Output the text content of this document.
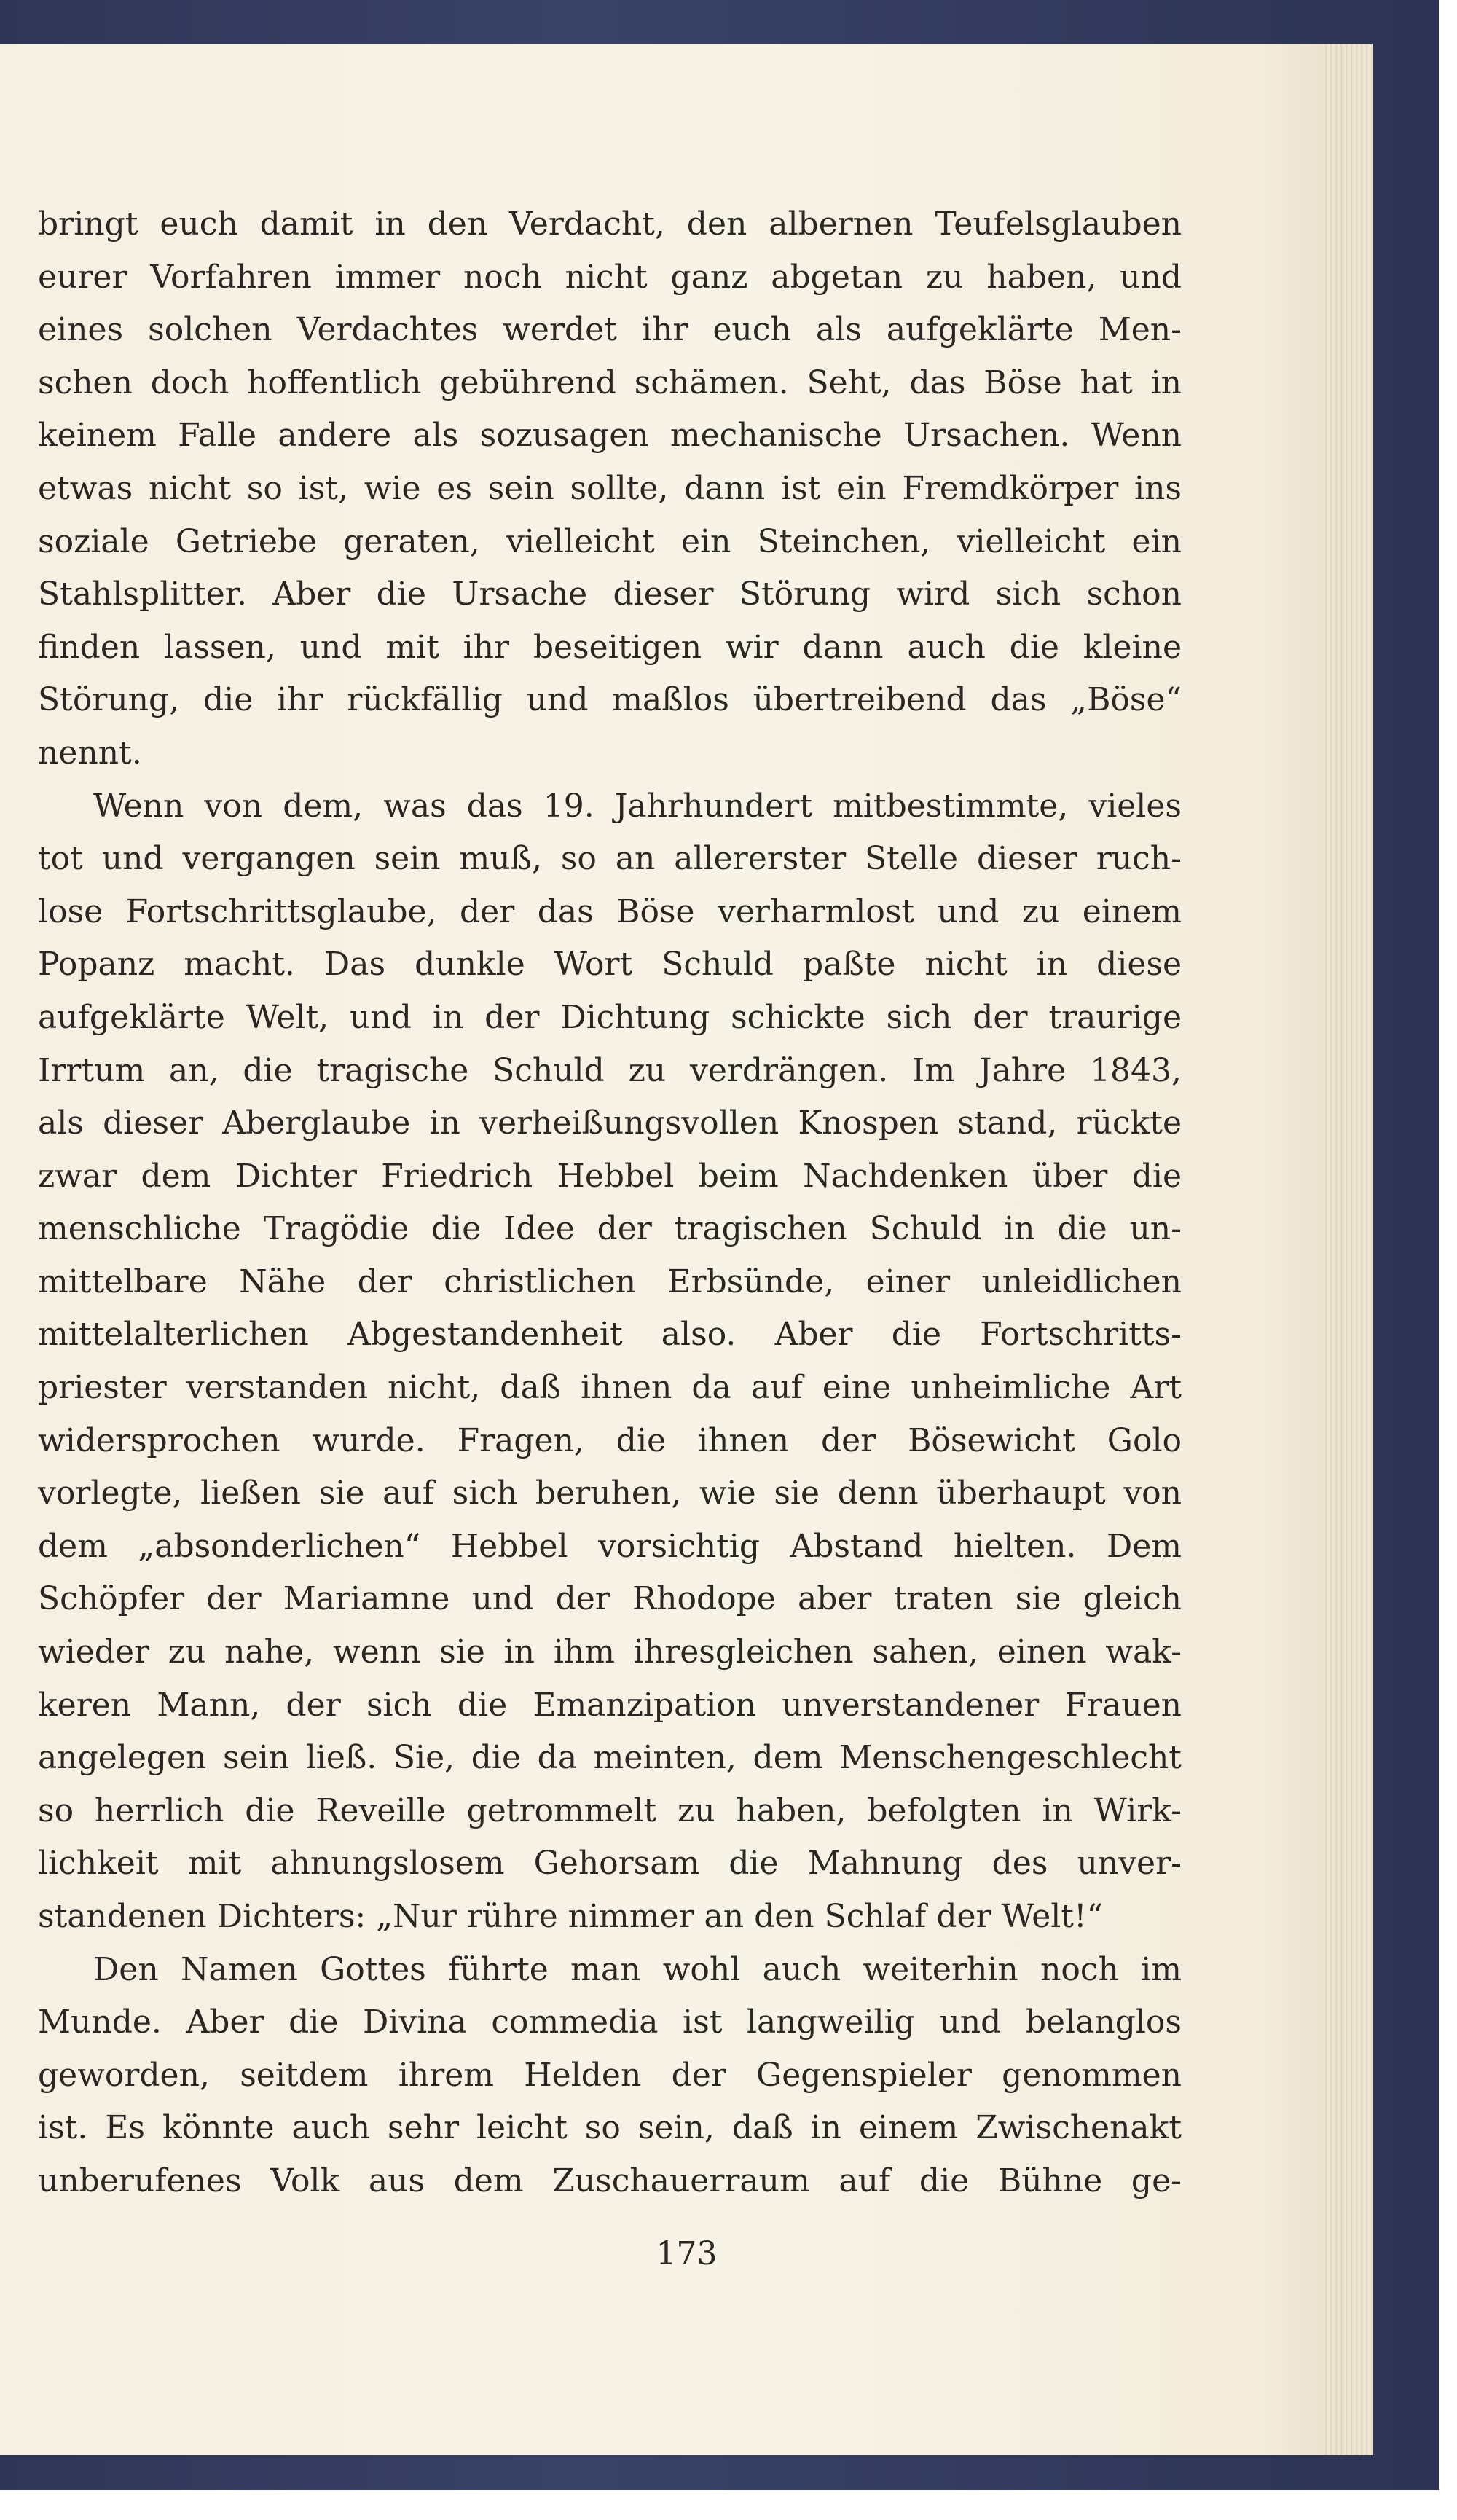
bringt euch damit in den Verdacht, den albernen Teufelsglauben
eurer Vorfahren immer noch nicht ganz abgetan zu haben, und
eines solchen Verdachtes werdet ihr euch als aufgeklärte Men-
schen doch hoffentlich gebührend schämen. Seht, das Böse hat in
keinem Falle andere als sozusagen mechanische Ursachen. Wenn
etwas nicht so ist, wie es sein sollte, dann ist ein Fremdkörper ins
soziale Getriebe geraten, vielleicht ein Steinchen, vielleicht ein
Stahlsplitter. Aber die Ursache dieser Störung wird sich schon
finden lassen, und mit ihr beseitigen wir dann auch die kleine
Störung, die ihr rückfällig und maßlos übertreibend das „Böse“
nennt.
Wenn von dem, was das 19. Jahrhundert mitbestimmte, vieles
tot und vergangen sein muß, so an allererster Stelle dieser ruch-
lose Fortschrittsglaube, der das Böse verharmlost und zu einem
Popanz macht. Das dunkle Wort Schuld paßte nicht in diese
aufgeklärte Welt, und in der Dichtung schickte sich der traurige
Irrtum an, die tragische Schuld zu verdrängen. Im Jahre 1843,
als dieser Aberglaube in verheißungsvollen Knospen stand, rückte
zwar dem Dichter Friedrich Hebbel beim Nachdenken über die
menschliche Tragödie die Idee der tragischen Schuld in die un-
mittelbare Nähe der christlichen Erbsünde, einer unleidlichen
mittelalterlichen Abgestandenheit also. Aber die Fortschritts-
priester verstanden nicht, daß ihnen da auf eine unheimliche Art
widersprochen wurde. Fragen, die ihnen der Bösewicht Golo
vorlegte, ließen sie auf sich beruhen, wie sie denn überhaupt von
dem „absonderlichen“ Hebbel vorsichtig Abstand hielten. Dem
Schöpfer der Mariamne und der Rhodope aber traten sie gleich
wieder zu nahe, wenn sie in ihm ihresgleichen sahen, einen wak-
keren Mann, der sich die Emanzipation unverstandener Frauen
angelegen sein ließ. Sie, die da meinten, dem Menschengeschlecht
so herrlich die Reveille getrommelt zu haben, befolgten in Wirk-
lichkeit mit ahnungslosem Gehorsam die Mahnung des unver-
standenen Dichters: „Nur rühre nimmer an den Schlaf der Welt!“
Den Namen Gottes führte man wohl auch weiterhin noch im
Munde. Aber die Divina commedia ist langweilig und belanglos
geworden, seitdem ihrem Helden der Gegenspieler genommen
ist. Es könnte auch sehr leicht so sein, daß in einem Zwischenakt
unberufenes Volk aus dem Zuschauerraum auf die Bühne ge-
173
